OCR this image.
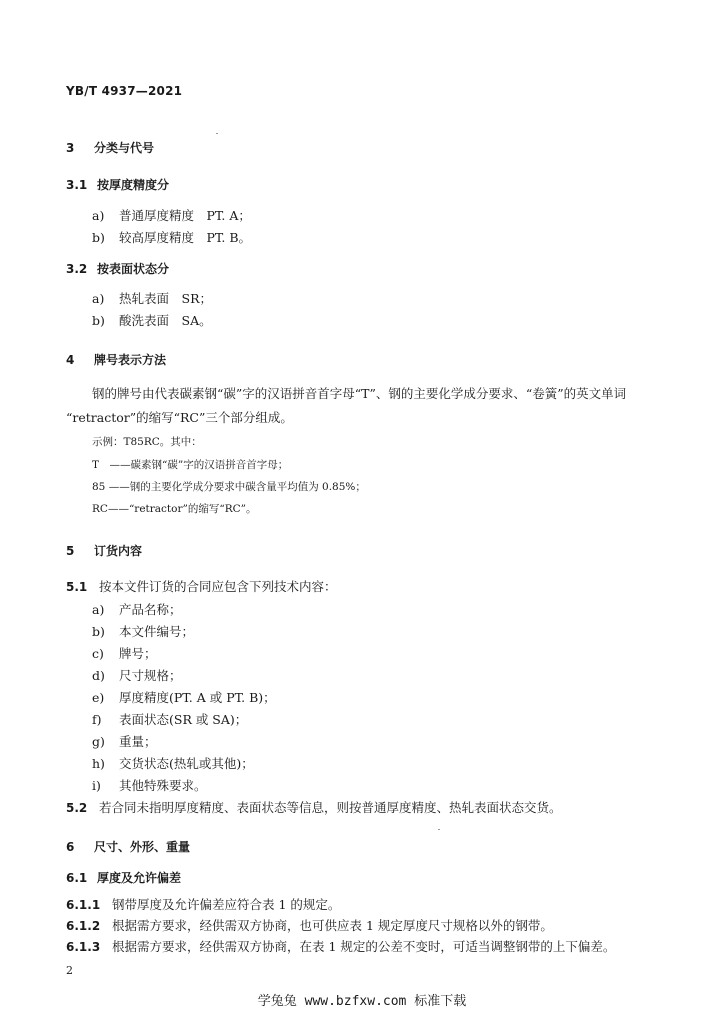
YB/T 4937—2021
3 分类与代号
3.1 按厚度精度分
a) 普通厚度精度　PT. A；
b) 较高厚度精度　PT. B。
3.2 按表面状态分
a) 热轧表面　SR；
b) 酸洗表面　SA。
4 牌号表示方法
钢的牌号由代表碳素钢“碳”字的汉语拼音首字母“T”、钢的主要化学成分要求、“卷簧”的英文单词
“retractor”的缩写“RC”三个部分组成。
示例：T85RC。其中：
T　——碳素钢“碳”字的汉语拼音首字母；
85 ——钢的主要化学成分要求中碳含量平均值为 0.85%；
RC——“retractor”的缩写“RC”。
5 订货内容
5.1 按本文件订货的合同应包含下列技术内容：
a) 产品名称；
b) 本文件编号；
c) 牌号；
d) 尺寸规格；
e) 厚度精度(PT. A 或 PT. B)；
f) 表面状态(SR 或 SA)；
g) 重量；
h) 交货状态(热轧或其他)；
i) 其他特殊要求。
5.2 若合同未指明厚度精度、表面状态等信息，则按普通厚度精度、热轧表面状态交货。
6 尺寸、外形、重量
6.1 厚度及允许偏差
6.1.1 钢带厚度及允许偏差应符合表 1 的规定。
6.1.2 根据需方要求，经供需双方协商，也可供应表 1 规定厚度尺寸规格以外的钢带。
6.1.3 根据需方要求，经供需双方协商，在表 1 规定的公差不变时，可适当调整钢带的上下偏差。
2
学兔兔 www.bzfxw.com 标准下载
